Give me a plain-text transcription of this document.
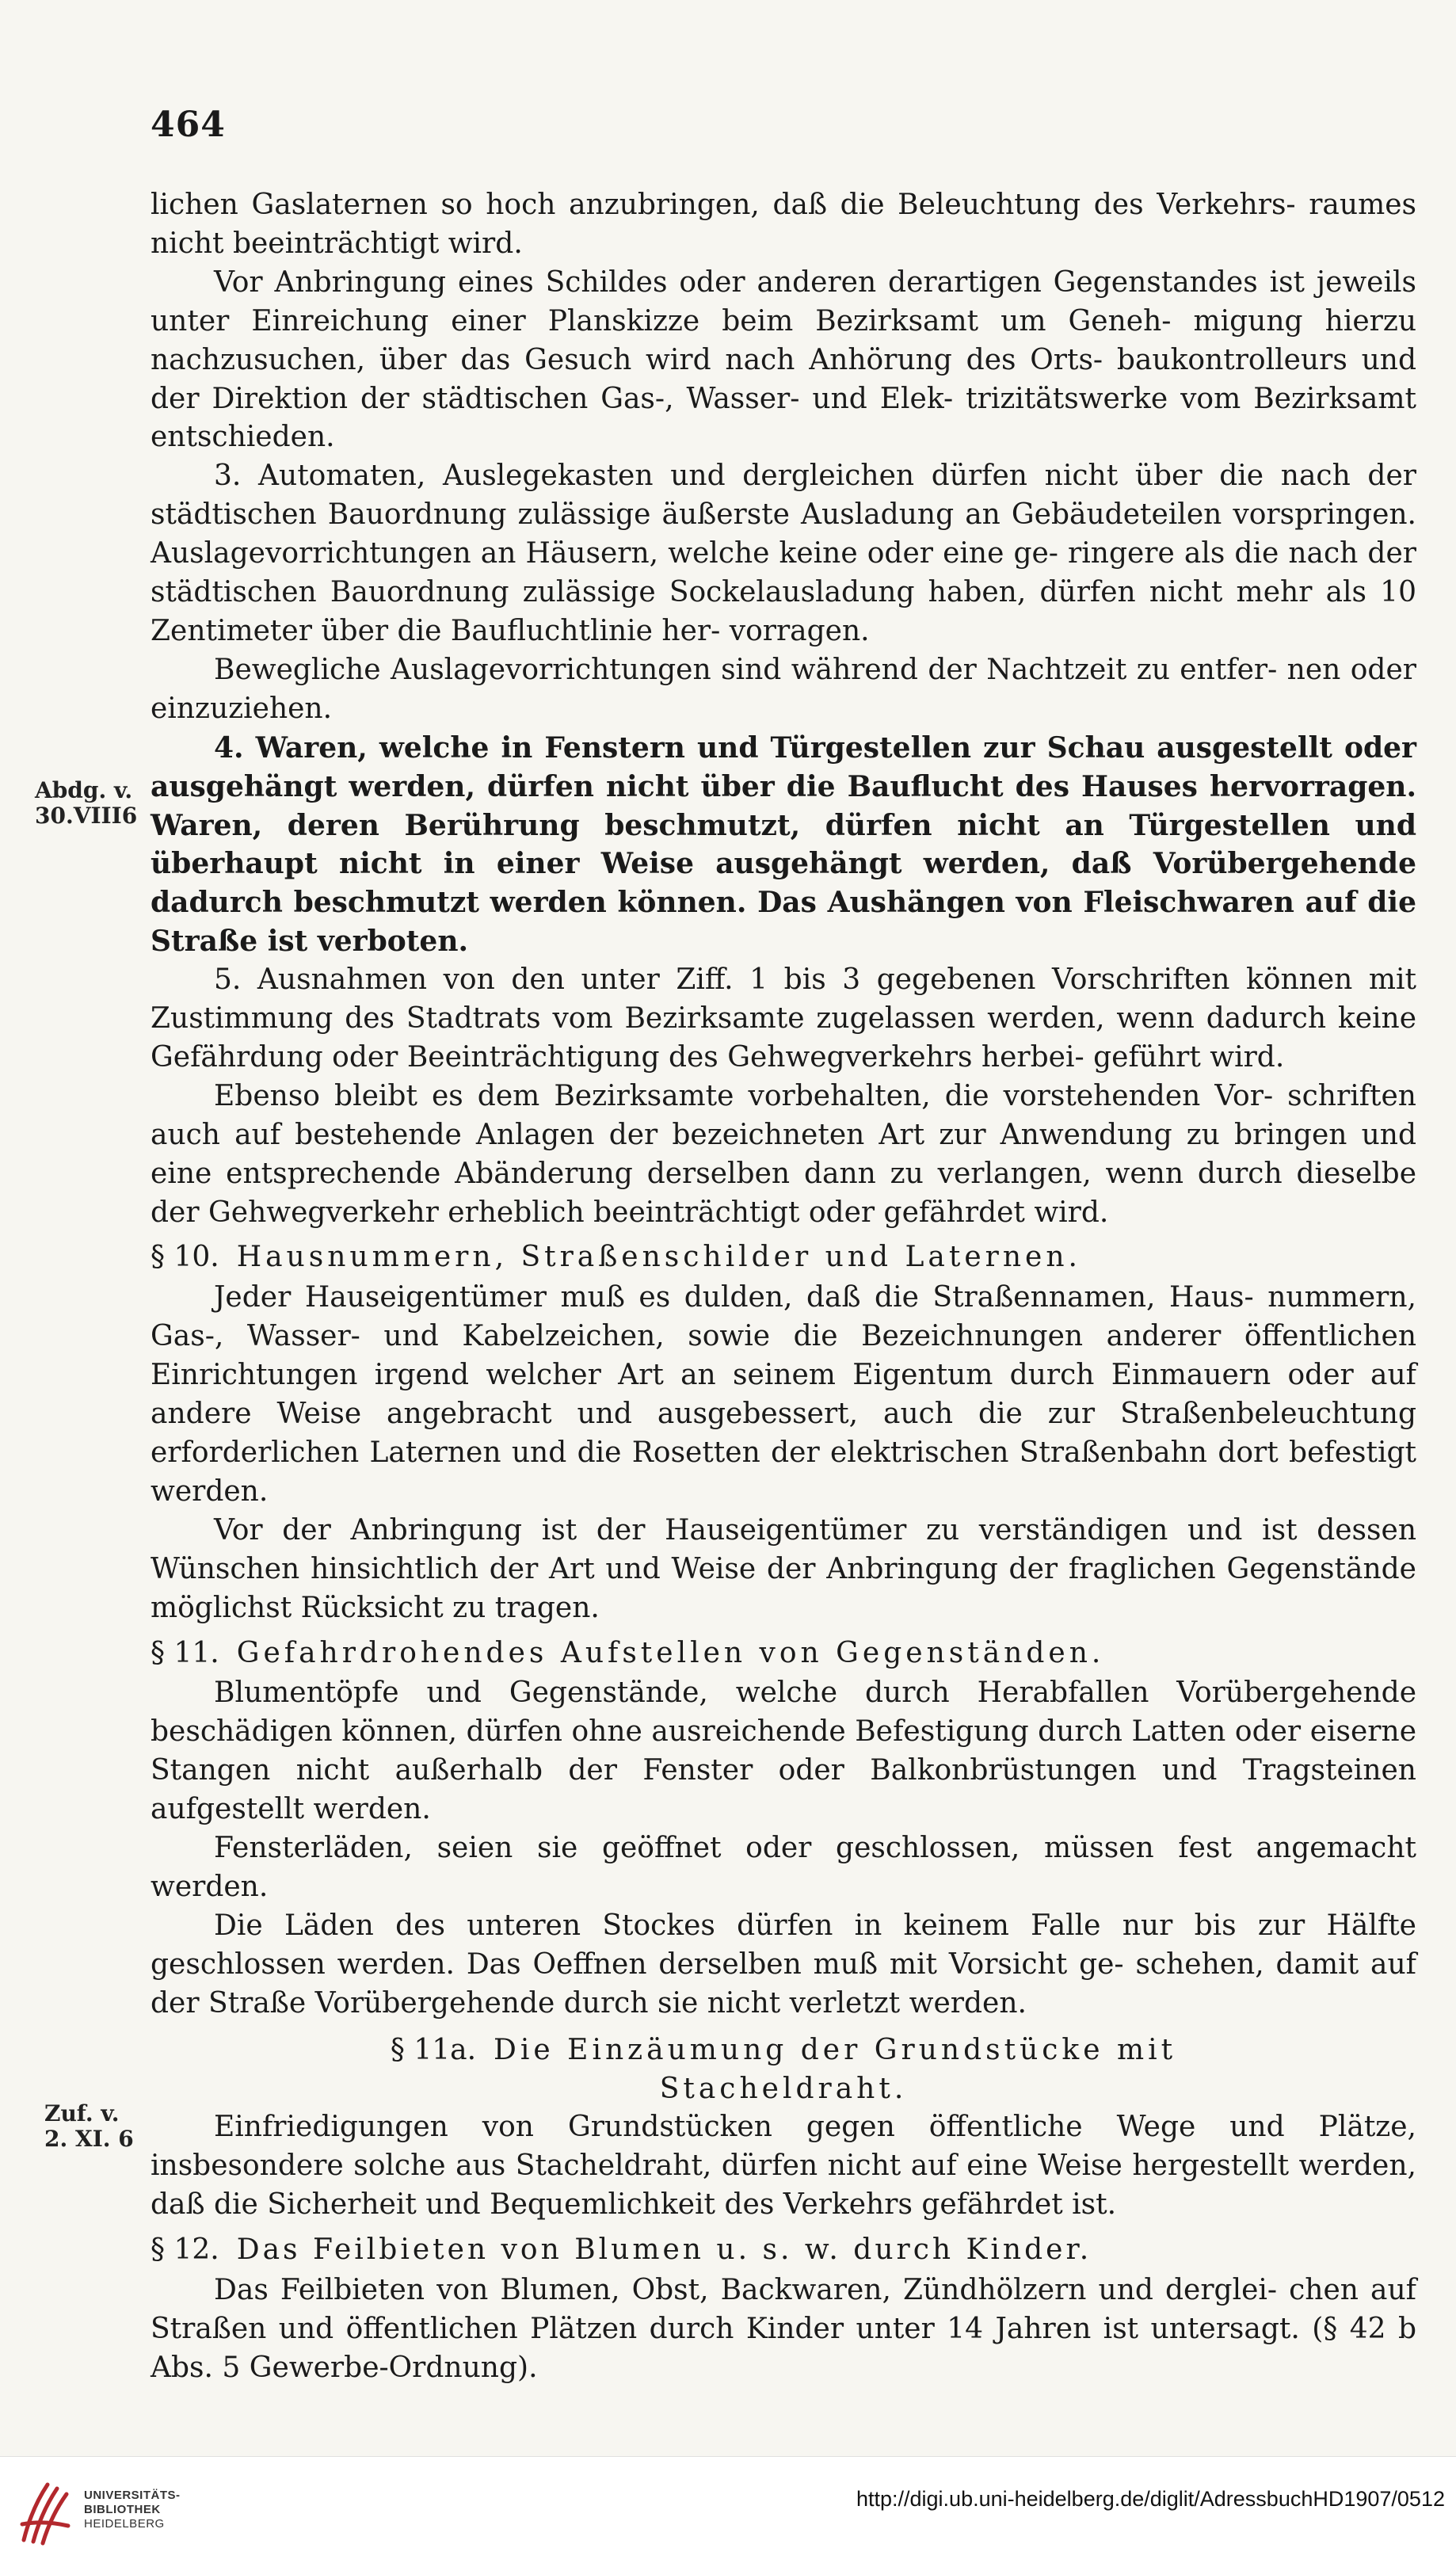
464
Abdg. v.
30.VIII6
Zuf. v.
2. XI. 6

lichen Gaslaternen so hoch anzubringen, daß die Beleuchtung des Verkehrs- raumes nicht beeinträchtigt wird.

Vor Anbringung eines Schildes oder anderen derartigen Gegenstandes ist jeweils unter Einreichung einer Planskizze beim Bezirksamt um Geneh- migung hierzu nachzusuchen, über das Gesuch wird nach Anhörung des Orts- baukontrolleurs und der Direktion der städtischen Gas-, Wasser- und Elek- trizitätswerke vom Bezirksamt entschieden.

3. Automaten, Auslegekasten und dergleichen dürfen nicht über die nach der städtischen Bauordnung zulässige äußerste Ausladung an Gebäudeteilen vorspringen. Auslagevorrichtungen an Häusern, welche keine oder eine ge- ringere als die nach der städtischen Bauordnung zulässige Sockelausladung haben, dürfen nicht mehr als 10 Zentimeter über die Baufluchtlinie her- vorragen.

Bewegliche Auslagevorrichtungen sind während der Nachtzeit zu entfer- nen oder einzuziehen.

4. Waren, welche in Fenstern und Türgestellen zur Schau ausgestellt oder ausgehängt werden, dürfen nicht über die Bauflucht des Hauses hervorragen. Waren, deren Berührung beschmutzt, dürfen nicht an Türgestellen und überhaupt nicht in einer Weise ausgehängt werden, daß Vorübergehende dadurch beschmutzt werden können. Das Aushängen von Fleischwaren auf die Straße ist verboten.

5. Ausnahmen von den unter Ziff. 1 bis 3 gegebenen Vorschriften können mit Zustimmung des Stadtrats vom Bezirksamte zugelassen werden, wenn dadurch keine Gefährdung oder Beeinträchtigung des Gehwegverkehrs herbei- geführt wird.

Ebenso bleibt es dem Bezirksamte vorbehalten, die vorstehenden Vor- schriften auch auf bestehende Anlagen der bezeichneten Art zur Anwendung zu bringen und eine entsprechende Abänderung derselben dann zu verlangen, wenn durch dieselbe der Gehwegverkehr erheblich beeinträchtigt oder gefährdet wird.

§ 10. Hausnummern, Straßenschilder und Laternen.

Jeder Hauseigentümer muß es dulden, daß die Straßennamen, Haus- nummern, Gas-, Wasser- und Kabelzeichen, sowie die Bezeichnungen anderer öffentlichen Einrichtungen irgend welcher Art an seinem Eigentum durch Einmauern oder auf andere Weise angebracht und ausgebessert, auch die zur Straßenbeleuchtung erforderlichen Laternen und die Rosetten der elektrischen Straßenbahn dort befestigt werden.

Vor der Anbringung ist der Hauseigentümer zu verständigen und ist dessen Wünschen hinsichtlich der Art und Weise der Anbringung der fraglichen Gegenstände möglichst Rücksicht zu tragen.

§ 11. Gefahrdrohendes Aufstellen von Gegenständen.

Blumentöpfe und Gegenstände, welche durch Herabfallen Vorübergehende beschädigen können, dürfen ohne ausreichende Befestigung durch Latten oder eiserne Stangen nicht außerhalb der Fenster oder Balkonbrüstungen und Tragsteinen aufgestellt werden.

Fensterläden, seien sie geöffnet oder geschlossen, müssen fest angemacht werden.

Die Läden des unteren Stockes dürfen in keinem Falle nur bis zur Hälfte geschlossen werden. Das Oeffnen derselben muß mit Vorsicht ge- schehen, damit auf der Straße Vorübergehende durch sie nicht verletzt werden.

§ 11a. Die Einzäumung der Grundstücke mit

Stacheldraht.

Einfriedigungen von Grundstücken gegen öffentliche Wege und Plätze, insbesondere solche aus Stacheldraht, dürfen nicht auf eine Weise hergestellt werden, daß die Sicherheit und Bequemlichkeit des Verkehrs gefährdet ist.

§ 12. Das Feilbieten von Blumen u. s. w. durch Kinder.

Das Feilbieten von Blumen, Obst, Backwaren, Zündhölzern und derglei- chen auf Straßen und öffentlichen Plätzen durch Kinder unter 14 Jahren ist untersagt. (§ 42 b Abs. 5 Gewerbe-Ordnung).

UNIVERSITÄTS-
BIBLIOTHEK
HEIDELBERG
http://digi.ub.uni-heidelberg.de/diglit/AdressbuchHD1907/0512
